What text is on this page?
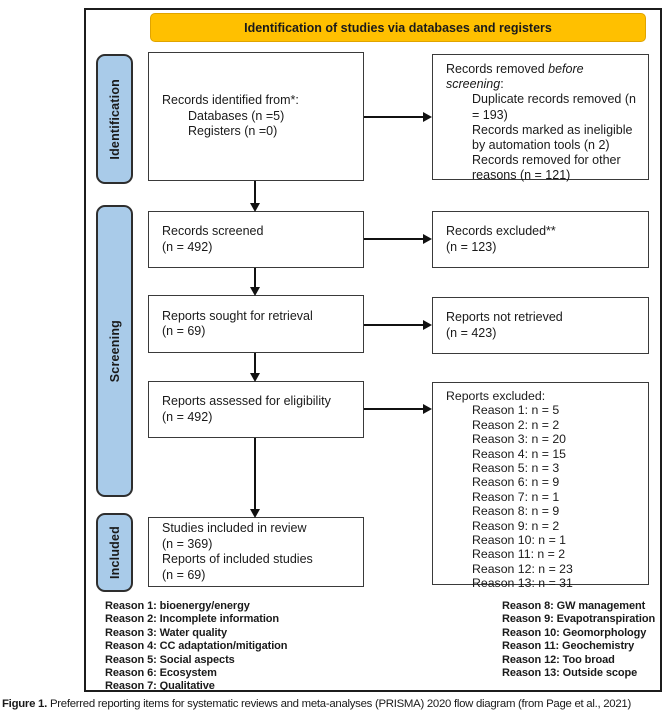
Identification of studies via databases and registers
Identification
Screening
Included
Records identified from*:
Databases (n =5)
Registers (n =0)
Records screened
(n = 492)
Reports sought for retrieval
(n = 69)
Reports assessed for eligibility
(n = 492)
Studies included in review
(n = 369)
Reports of included studies
(n = 69)
Records removed before screening:
Duplicate records removed (n = 193)
Records marked as ineligible by automation tools (n 2)
Records removed for other reasons (n = 121)
Records excluded**
(n = 123)
Reports not retrieved
(n = 423)
Reports excluded:
Reason 1: n = 5
Reason 2: n = 2
Reason 3: n = 20
Reason 4: n = 15
Reason 5: n = 3
Reason 6: n = 9
Reason 7: n = 1
Reason 8: n = 9
Reason 9: n = 2
Reason 10: n = 1
Reason 11: n = 2
Reason 12: n = 23
Reason 13: n = 31
Reason 1: bioenergy/energy
Reason 2: Incomplete information
Reason 3: Water quality
Reason 4: CC adaptation/mitigation
Reason 5: Social aspects
Reason 6: Ecosystem
Reason 7: Qualitative
Reason 8: GW management
Reason 9: Evapotranspiration
Reason 10: Geomorphology
Reason 11: Geochemistry
Reason 12: Too broad
Reason 13: Outside scope
Figure 1. Preferred reporting items for systematic reviews and meta-analyses (PRISMA) 2020 flow diagram (from Page et al., 2021)
